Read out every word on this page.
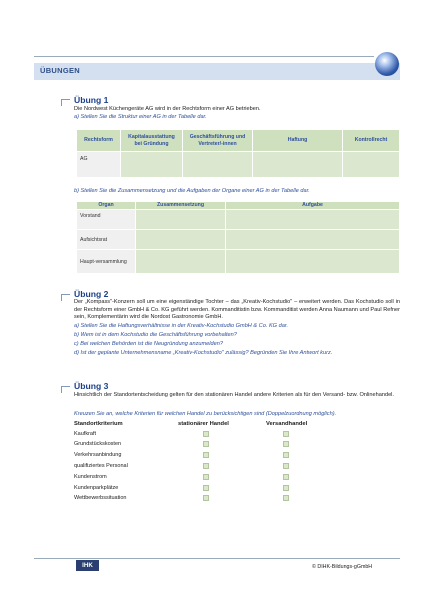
ÜBUNGEN
Übung 1
Die Nordwest Küchengeräte AG wird in der Rechtsform einer AG betrieben.
a) Stellen Sie die Struktur einer AG in der Tabelle dar.
Rechtsform	Kapitalausstattung bei Gründung	Geschäftsführung und Vertreter/-innen	Haftung	Kontrollrecht
AG				
b) Stellen Sie die Zusammensetzung und die Aufgaben der Organe einer AG in der Tabelle dar.
Organ	Zusammensetzung	Aufgabe
Vorstand		
Aufsichtsrat		
Haupt-versammlung		
Übung 2
Der „Kompass"-Konzern soll um eine eigenständige Tochter – das „Kreativ-Kochstudio" – erweitert werden. Das Kochstudio soll in der Rechtsform einer GmbH & Co. KG geführt werden. Kommanditistin bzw. Kommanditist werden Anna Naumann und Paul Refner sein, Komplementärin wird die Nordost Gastronomie GmbH.
a) Stellen Sie die Haftungsverhältnisse in der Kreativ-Kochstudio GmbH & Co. KG dar.
b) Wem ist in dem Kochstudio die Geschäftsführung vorbehalten?
c) Bei welchen Behörden ist die Neugründung anzumelden?
d) Ist der geplante Unternehmensname „Kreativ-Kochstudio" zulässig? Begründen Sie Ihre Antwort kurz.
Übung 3
Hinsichtlich der Standortentscheidung gelten für den stationären Handel andere Kriterien als für den Versand- bzw. Onlinehandel.
Kreuzen Sie an, welche Kriterien für welchen Handel zu berücksichtigen sind (Doppelzuordnung möglich).
Standortkriterium	stationärer Handel	Versandhandel
Kaufkraft
Grundstückskosten
Verkehrsanbindung
qualifiziertes Personal
Kundenstrom
Kundenparkplätze
Wettbewerbssituation
IHK	© DIHK-Bildungs-gGmbH
